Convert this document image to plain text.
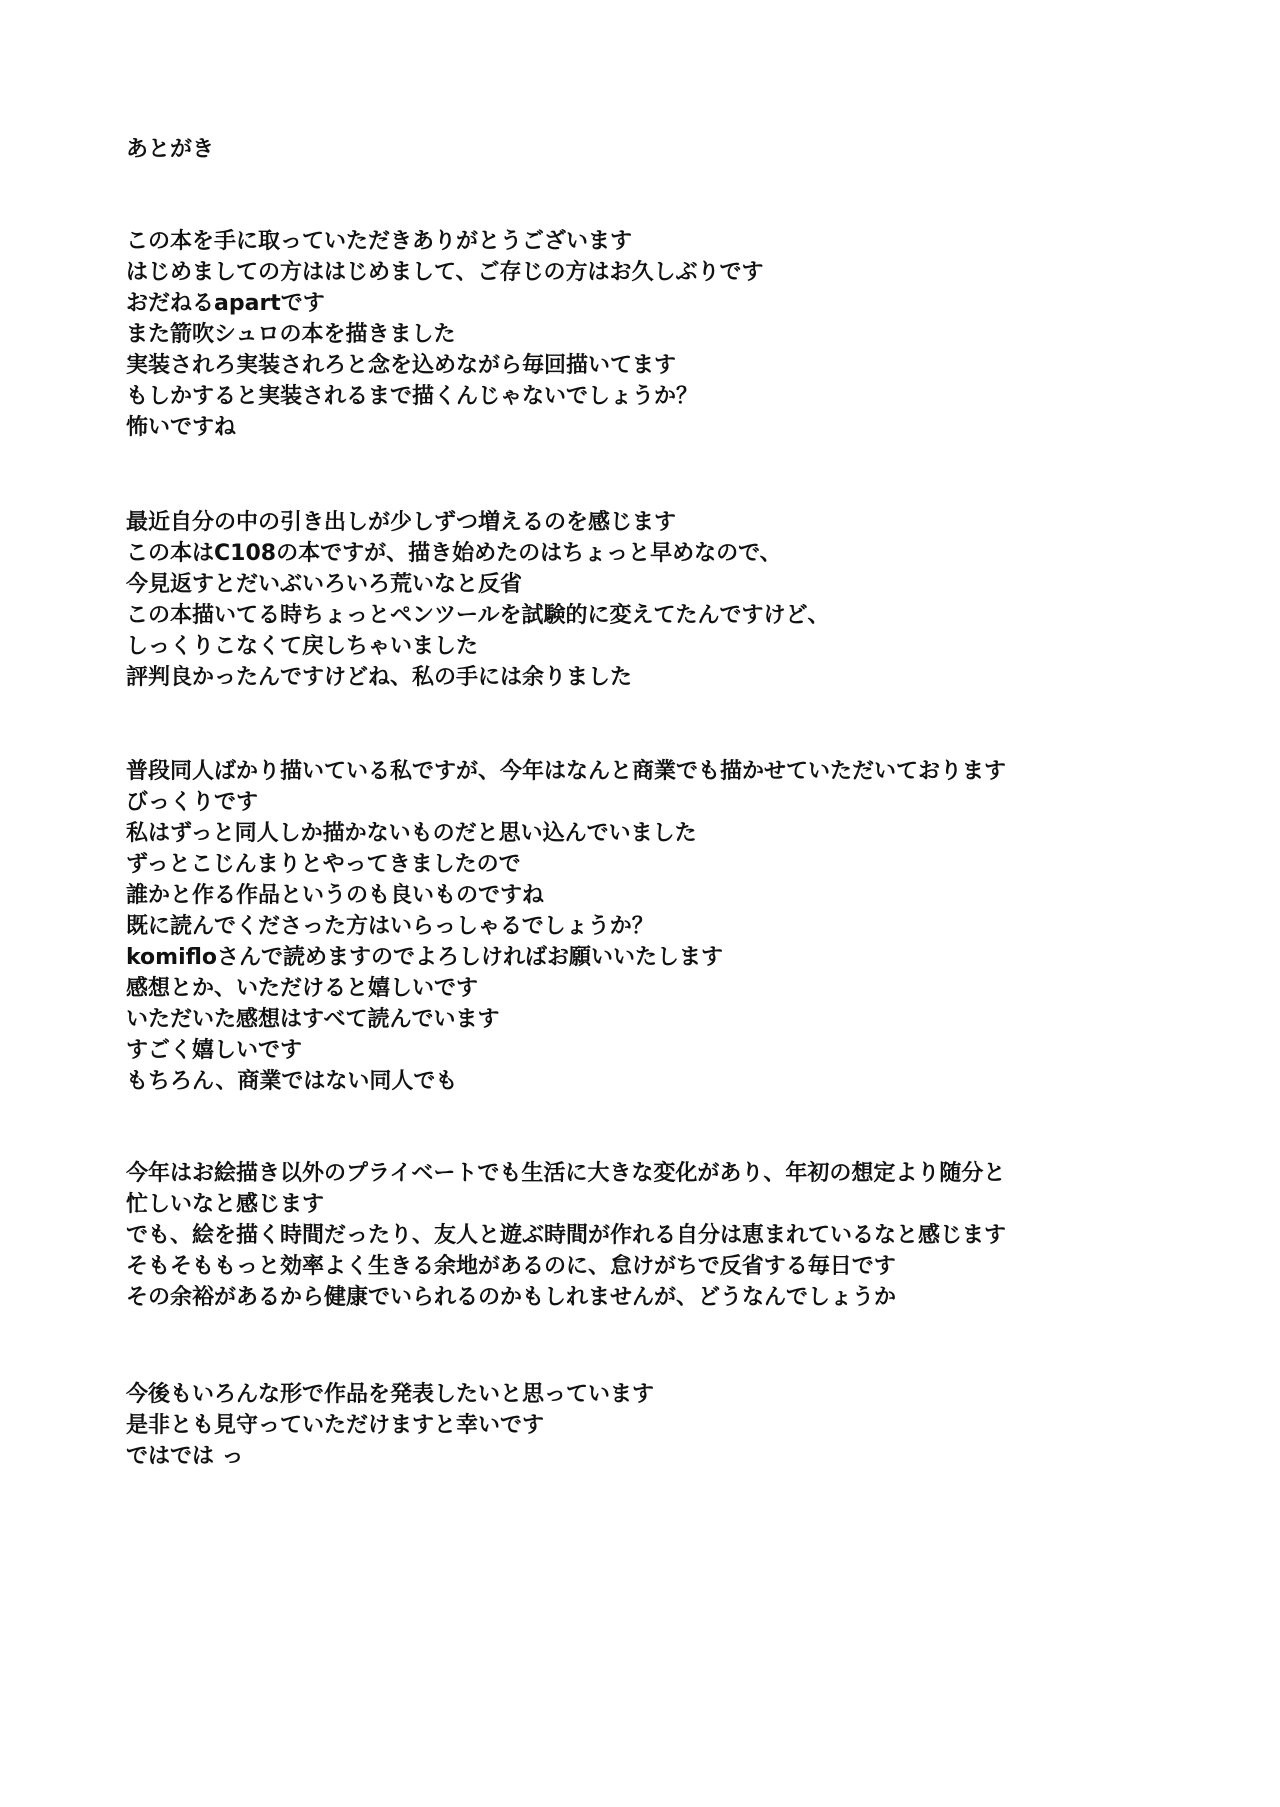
あとがき
この本を手に取っていただきありがとうございます
はじめましての方ははじめまして、ご存じの方はお久しぶりです
おだねるapartです
また箭吹シュロの本を描きました
実装されろ実装されろと念を込めながら毎回描いてます
もしかすると実装されるまで描くんじゃないでしょうか？
怖いですね
最近自分の中の引き出しが少しずつ増えるのを感じます
この本はC108の本ですが、描き始めたのはちょっと早めなので、
今見返すとだいぶいろいろ荒いなと反省
この本描いてる時ちょっとペンツールを試験的に変えてたんですけど、
しっくりこなくて戻しちゃいました
評判良かったんですけどね、私の手には余りました
普段同人ばかり描いている私ですが、今年はなんと商業でも描かせていただいております
びっくりです
私はずっと同人しか描かないものだと思い込んでいました
ずっとこじんまりとやってきましたので
誰かと作る作品というのも良いものですね
既に読んでくださった方はいらっしゃるでしょうか？
komifloさんで読めますのでよろしければお願いいたします
感想とか、いただけると嬉しいです
いただいた感想はすべて読んでいます
すごく嬉しいです
もちろん、商業ではない同人でも
今年はお絵描き以外のプライベートでも生活に大きな変化があり、年初の想定より随分と
忙しいなと感じます
でも、絵を描く時間だったり、友人と遊ぶ時間が作れる自分は恵まれているなと感じます
そもそももっと効率よく生きる余地があるのに、怠けがちで反省する毎日です
その余裕があるから健康でいられるのかもしれませんが、どうなんでしょうか
今後もいろんな形で作品を発表したいと思っています
是非とも見守っていただけますと幸いです
ではでは っ
